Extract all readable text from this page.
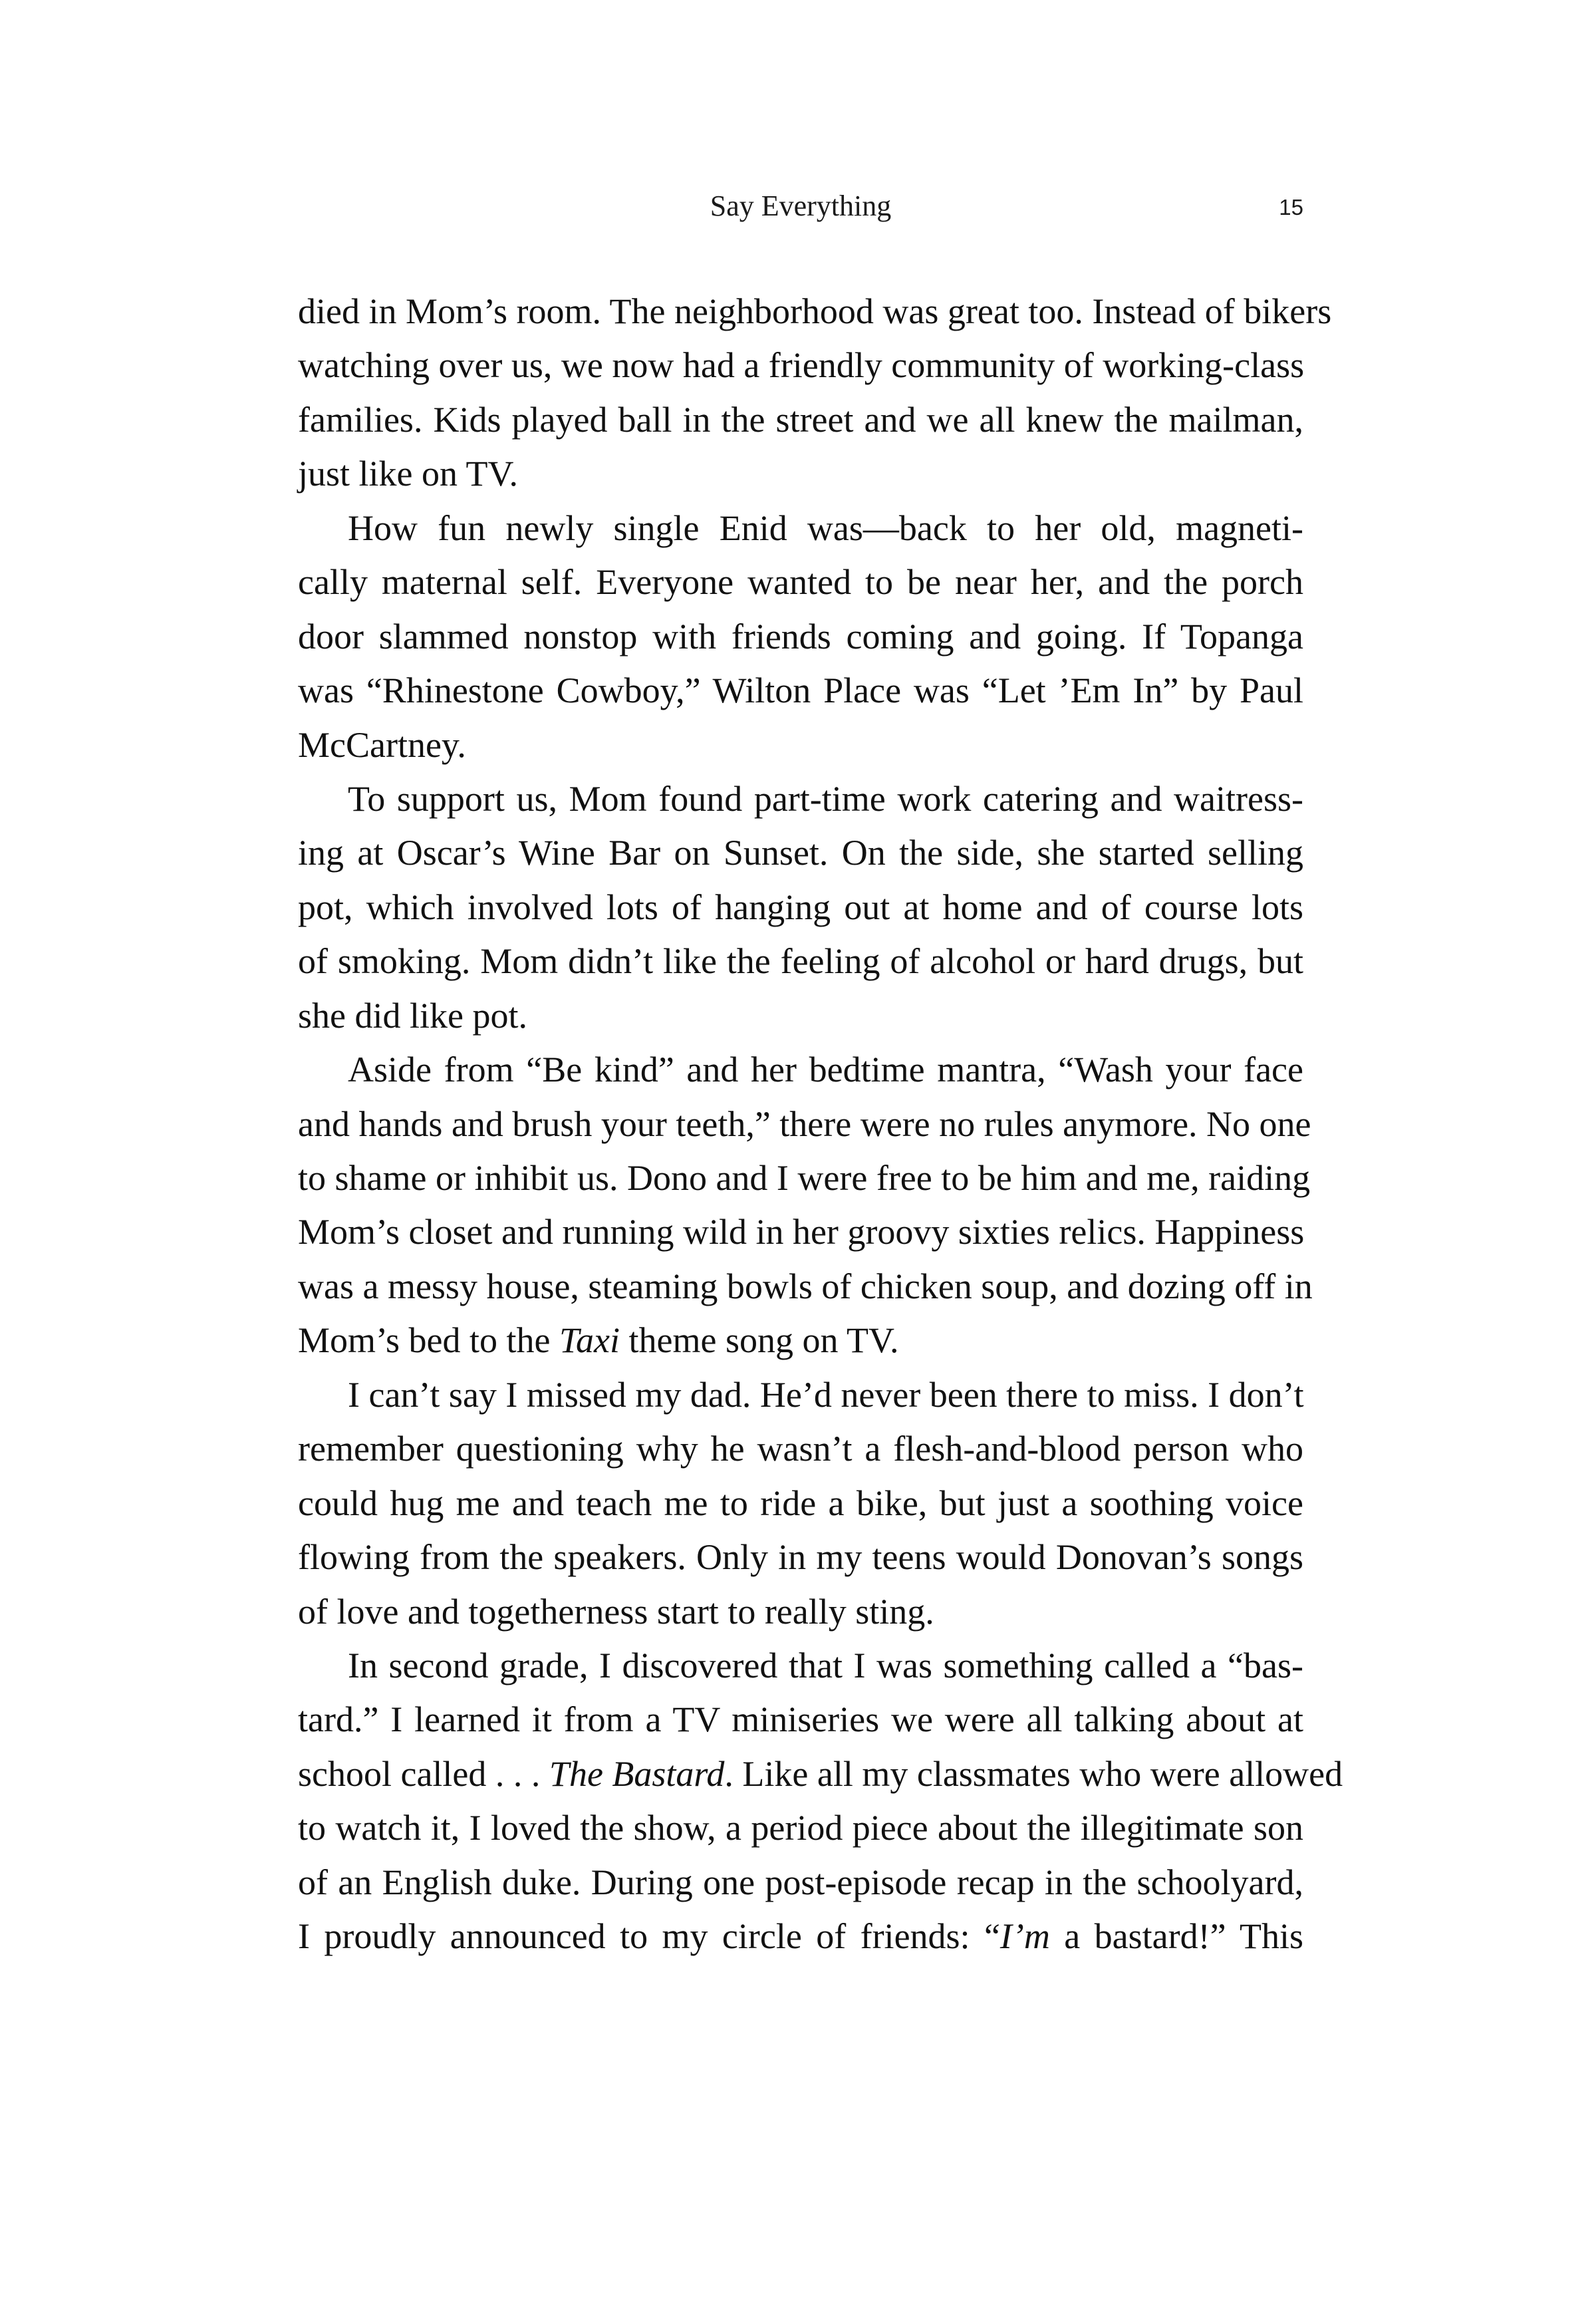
Say Everything	15
died in Mom’s room. The neighborhood was great too. Instead of bikers
watching over us, we now had a friendly community of working-class
families. Kids played ball in the street and we all knew the mailman,
just like on TV.
How fun newly single Enid was—back to her old, magneti-
cally maternal self. Everyone wanted to be near her, and the porch
door slammed nonstop with friends coming and going. If Topanga
was “Rhinestone Cowboy,” Wilton Place was “Let ’Em In” by Paul
McCartney.
To support us, Mom found part-time work catering and waitress-
ing at Oscar’s Wine Bar on Sunset. On the side, she started selling
pot, which involved lots of hanging out at home and of course lots
of smoking. Mom didn’t like the feeling of alcohol or hard drugs, but
she did like pot.
Aside from “Be kind” and her bedtime mantra, “Wash your face
and hands and brush your teeth,” there were no rules anymore. No one
to shame or inhibit us. Dono and I were free to be him and me, raiding
Mom’s closet and running wild in her groovy sixties relics. Happiness
was a messy house, steaming bowls of chicken soup, and dozing off in
Mom’s bed to the Taxi theme song on TV.
I can’t say I missed my dad. He’d never been there to miss. I don’t
remember questioning why he wasn’t a flesh-and-blood person who
could hug me and teach me to ride a bike, but just a soothing voice
flowing from the speakers. Only in my teens would Donovan’s songs
of love and togetherness start to really sting.
In second grade, I discovered that I was something called a “bas-
tard.” I learned it from a TV miniseries we were all talking about at
school called . . . The Bastard. Like all my classmates who were allowed
to watch it, I loved the show, a period piece about the illegitimate son
of an English duke. During one post-episode recap in the schoolyard,
I proudly announced to my circle of friends: “I’m a bastard!” This
